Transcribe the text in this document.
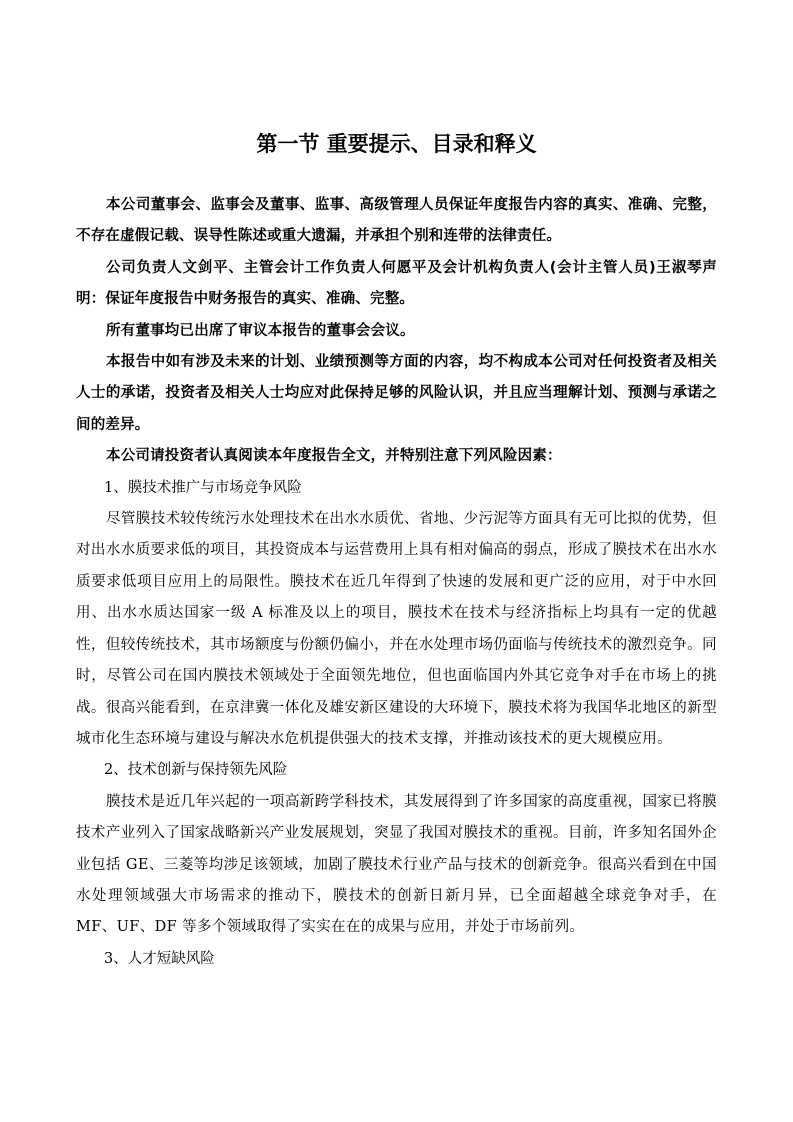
第一节 重要提示、目录和释义

本公司董事会、监事会及董事、监事、高级管理人员保证年度报告内容的真实、准确、完整，不存在虚假记载、误导性陈述或重大遗漏，并承担个别和连带的法律责任。

公司负责人文剑平、主管会计工作负责人何愿平及会计机构负责人(会计主管人员)王淑琴声明：保证年度报告中财务报告的真实、准确、完整。

所有董事均已出席了审议本报告的董事会会议。

本报告中如有涉及未来的计划、业绩预测等方面的内容，均不构成本公司对任何投资者及相关人士的承诺，投资者及相关人士均应对此保持足够的风险认识，并且应当理解计划、预测与承诺之间的差异。

本公司请投资者认真阅读本年度报告全文，并特别注意下列风险因素：

1、膜技术推广与市场竞争风险

尽管膜技术较传统污水处理技术在出水水质优、省地、少污泥等方面具有无可比拟的优势，但对出水水质要求低的项目，其投资成本与运营费用上具有相对偏高的弱点，形成了膜技术在出水水质要求低项目应用上的局限性。膜技术在近几年得到了快速的发展和更广泛的应用，对于中水回用、出水水质达国家一级 A 标准及以上的项目，膜技术在技术与经济指标上均具有一定的优越性，但较传统技术，其市场额度与份额仍偏小，并在水处理市场仍面临与传统技术的激烈竞争。同时，尽管公司在国内膜技术领域处于全面领先地位，但也面临国内外其它竞争对手在市场上的挑战。很高兴能看到，在京津冀一体化及雄安新区建设的大环境下，膜技术将为我国华北地区的新型城市化生态环境与建设与解决水危机提供强大的技术支撑，并推动该技术的更大规模应用。

2、技术创新与保持领先风险

膜技术是近几年兴起的一项高新跨学科技术，其发展得到了许多国家的高度重视，国家已将膜技术产业列入了国家战略新兴产业发展规划，突显了我国对膜技术的重视。目前，许多知名国外企业包括 GE、三菱等均涉足该领域，加剧了膜技术行业产品与技术的创新竞争。很高兴看到在中国水处理领域强大市场需求的推动下，膜技术的创新日新月异，已全面超越全球竞争对手，在 MF、UF、DF 等多个领域取得了实实在在的成果与应用，并处于市场前列。

3、人才短缺风险
